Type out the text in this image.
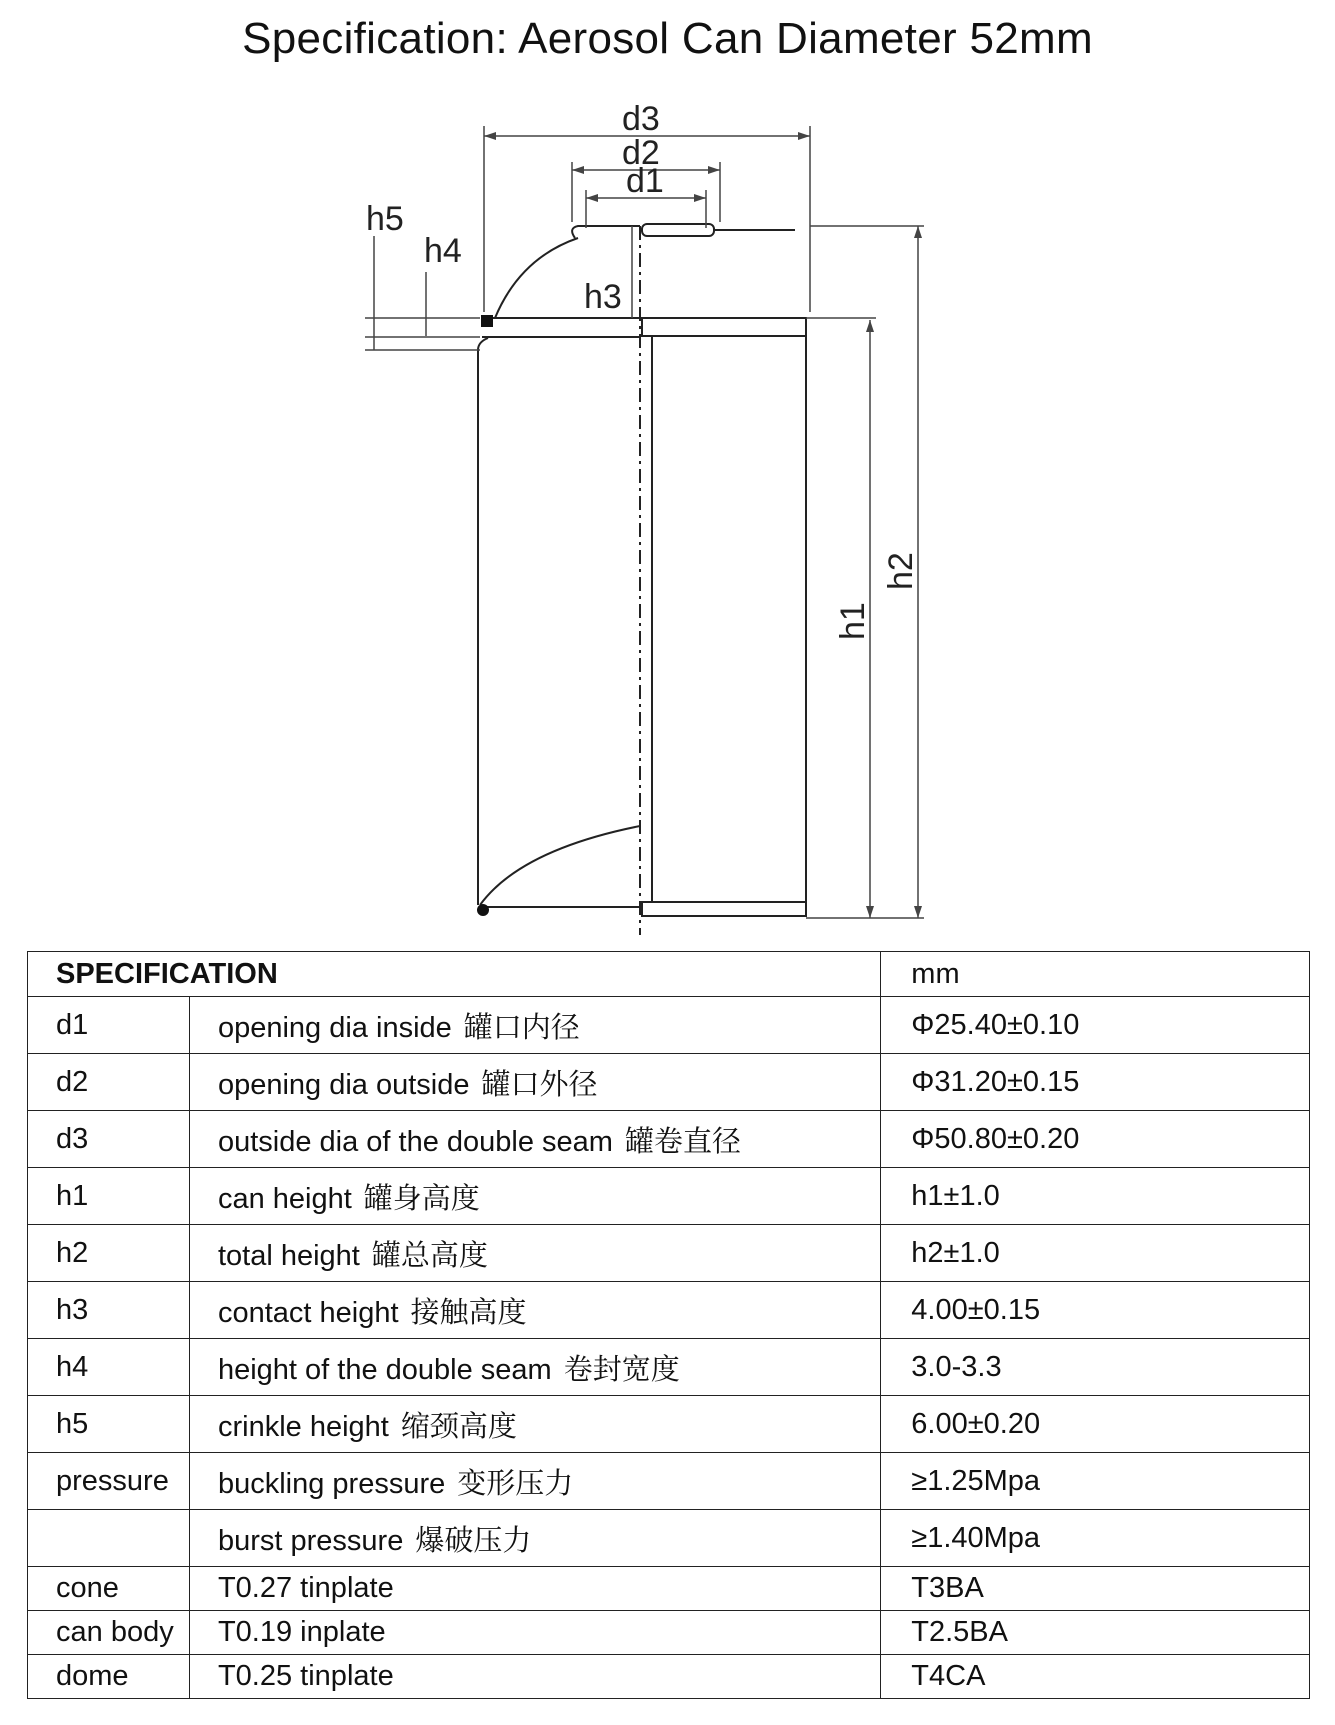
Specification: Aerosol Can Diameter 52mm
d3
d2
d1
h5
h4
h3
h1
h2
SPECIFICATION		mm
d1	opening dia inside 罐口内径	Φ25.40±0.10
d2	opening dia outside 罐口外径	Φ31.20±0.15
d3	outside dia of the double seam 罐卷直径	Φ50.80±0.20
h1	can height 罐身高度	h1±1.0
h2	total height 罐总高度	h2±1.0
h3	contact height 接触高度	4.00±0.15
h4	height of the double seam 卷封宽度	3.0-3.3
h5	crinkle height 缩颈高度	6.00±0.20
pressure	buckling pressure 变形压力	≥1.25Mpa
	burst pressure 爆破压力	≥1.40Mpa
cone	T0.27 tinplate	T3BA
can body	T0.19 inplate	T2.5BA
dome	T0.25 tinplate	T4CA
